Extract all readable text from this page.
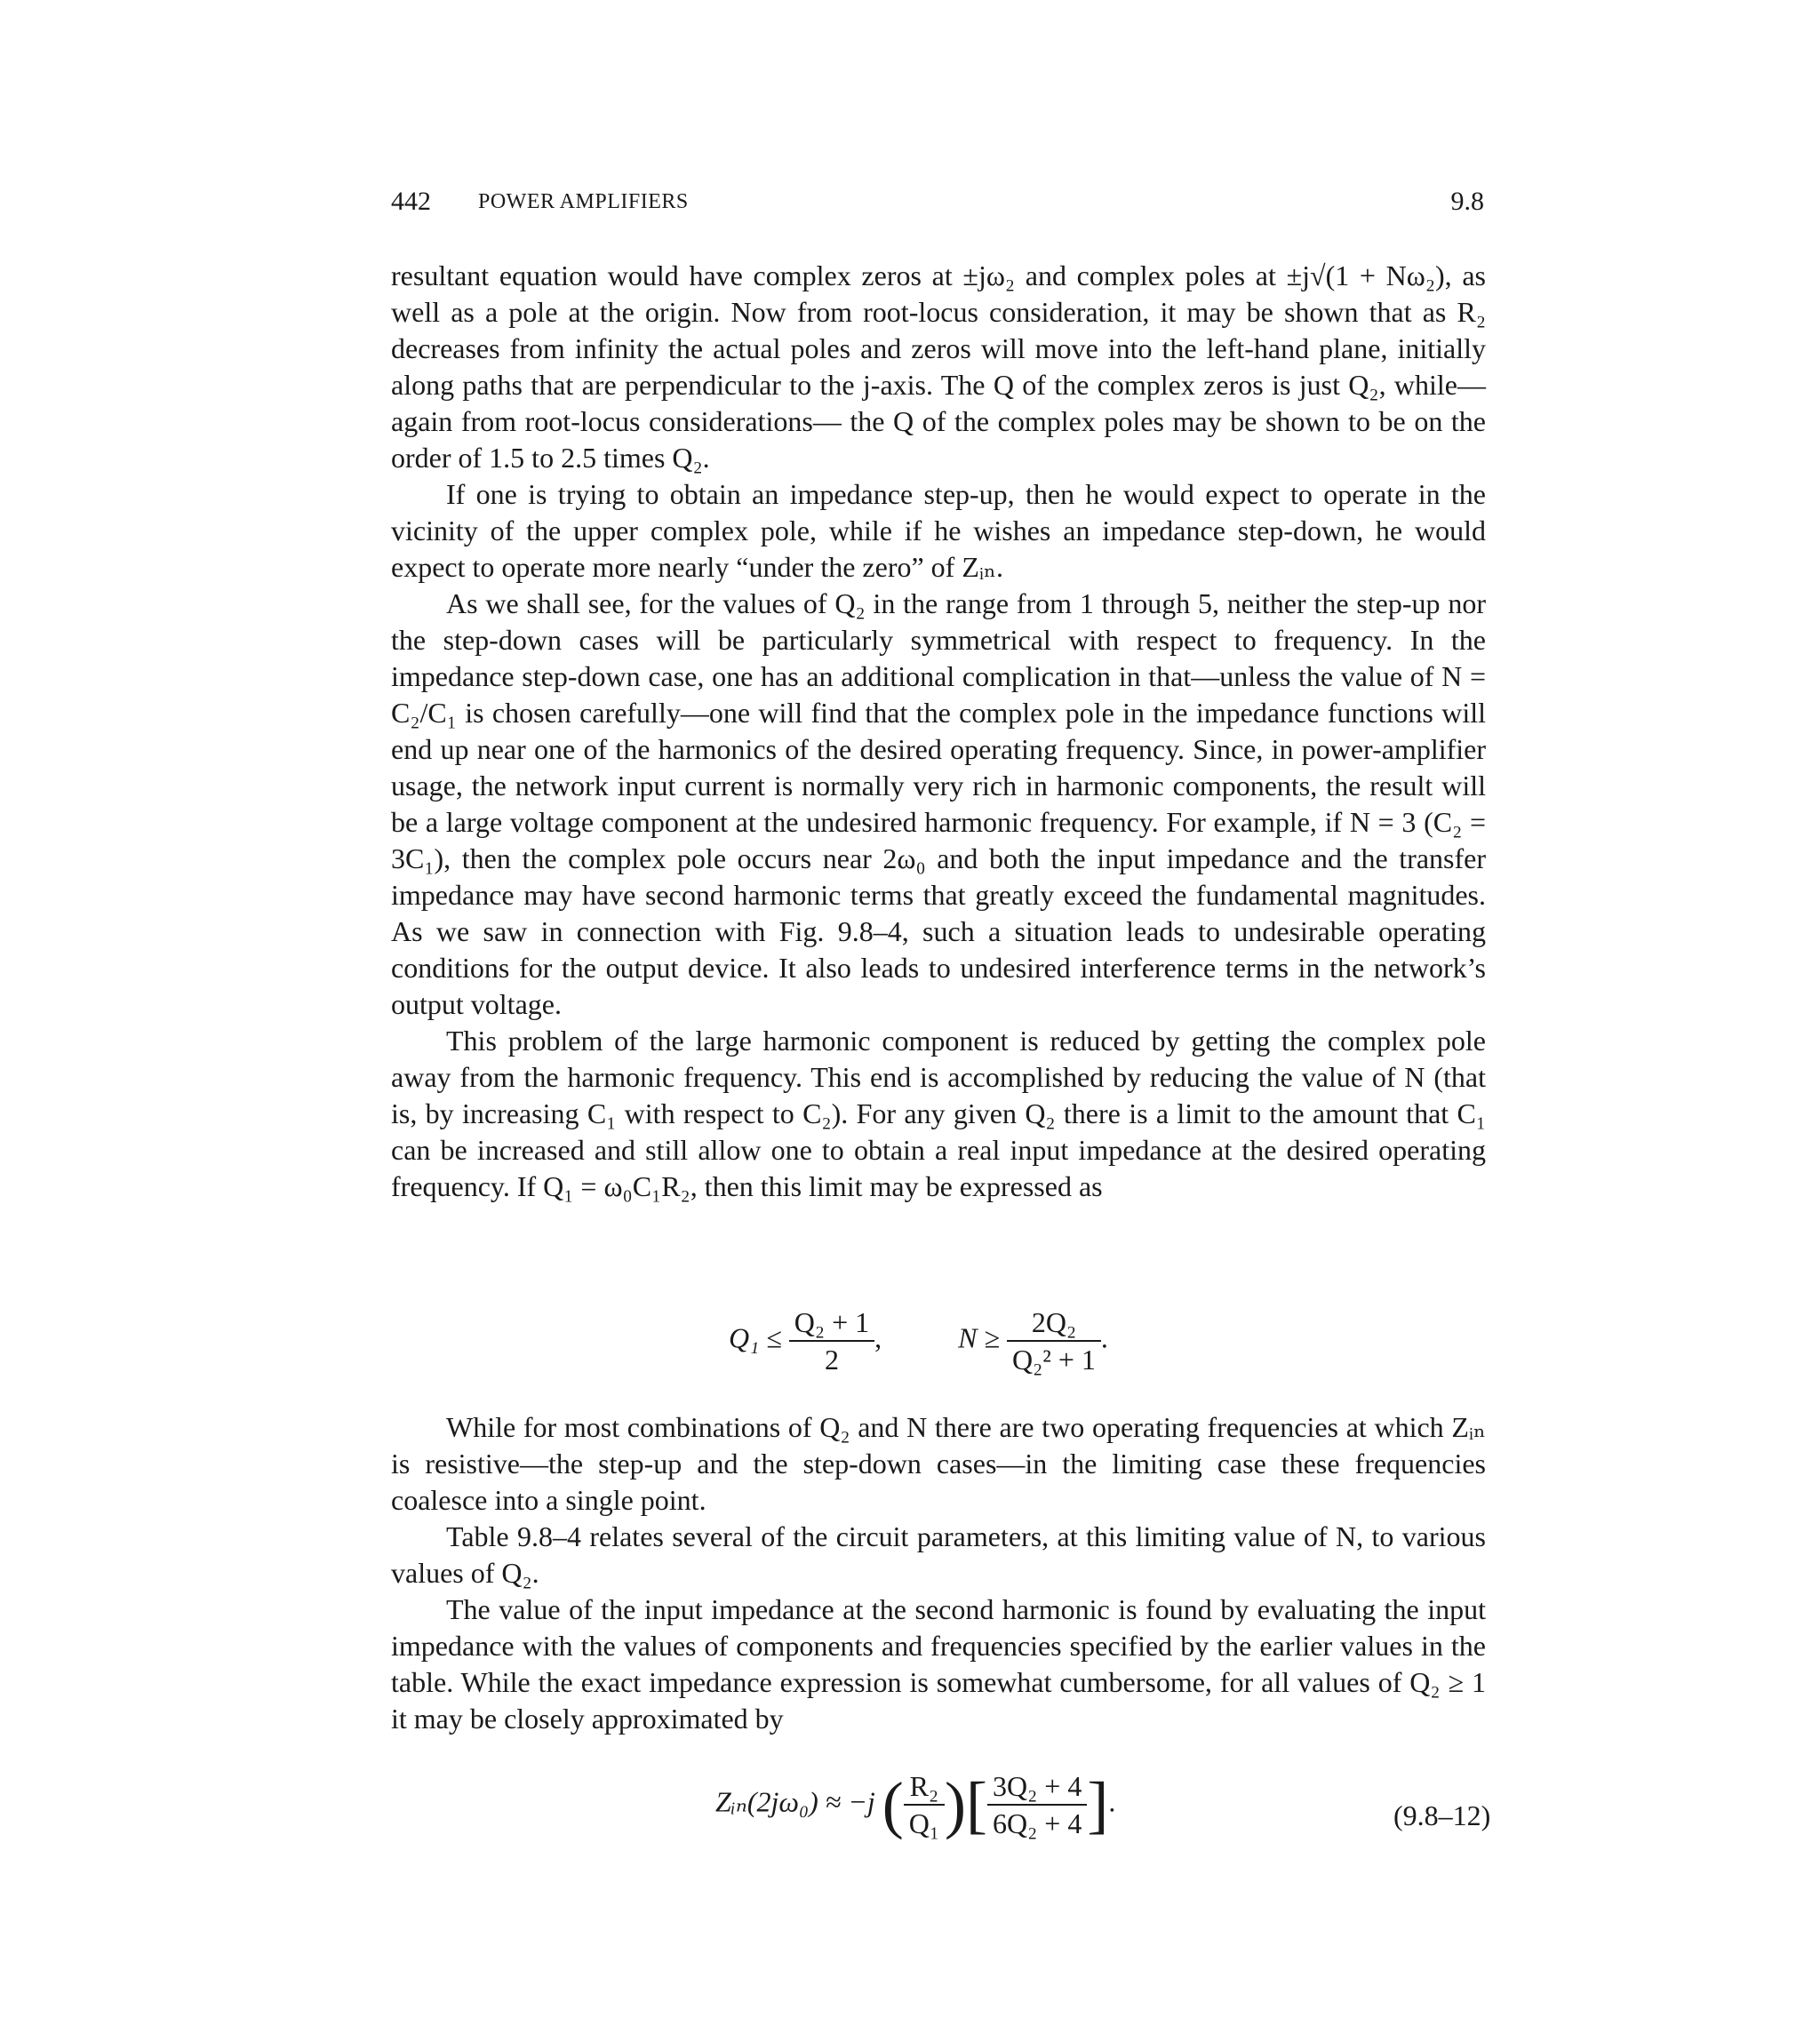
442 POWER AMPLIFIERS	9.8

resultant equation would have complex zeros at ±jω₂ and complex poles at ±j√(1 + Nω₂), as well as a pole at the origin. Now from root-locus consideration, it may be shown that as R₂ decreases from infinity the actual poles and zeros will move into the left-hand plane, initially along paths that are perpendicular to the j-axis. The Q of the complex zeros is just Q₂, while—again from root-locus considerations— the Q of the complex poles may be shown to be on the order of 1.5 to 2.5 times Q₂.

If one is trying to obtain an impedance step-up, then he would expect to operate in the vicinity of the upper complex pole, while if he wishes an impedance step-down, he would expect to operate more nearly “under the zero” of Zᵢₙ.

As we shall see, for the values of Q₂ in the range from 1 through 5, neither the step-up nor the step-down cases will be particularly symmetrical with respect to frequency. In the impedance step-down case, one has an additional complication in that—unless the value of N = C₂/C₁ is chosen carefully—one will find that the complex pole in the impedance functions will end up near one of the harmonics of the desired operating frequency. Since, in power-amplifier usage, the network input current is normally very rich in harmonic components, the result will be a large voltage component at the undesired harmonic frequency. For example, if N = 3 (C₂ = 3C₁), then the complex pole occurs near 2ω₀ and both the input impedance and the transfer impedance may have second harmonic terms that greatly exceed the fundamental magnitudes. As we saw in connection with Fig. 9.8–4, such a situation leads to undesirable operating conditions for the output device. It also leads to undesired interference terms in the network’s output voltage.

This problem of the large harmonic component is reduced by getting the complex pole away from the harmonic frequency. This end is accomplished by reducing the value of N (that is, by increasing C₁ with respect to C₂). For any given Q₂ there is a limit to the amount that C₁ can be increased and still allow one to obtain a real input impedance at the desired operating frequency. If Q₁ = ω₀C₁R₂, then this limit may be expressed as

$Q_1 \le \frac{\text{Q₂ + 1}}{2}$ ,	$N \ge \frac{\text{2Q₂}}{\text{Q₂² + 1}}$ .

While for most combinations of Q₂ and N there are two operating frequencies at which Zᵢₙ is resistive—the step-up and the step-down cases—in the limiting case these frequencies coalesce into a single point.

Table 9.8–4 relates several of the circuit parameters, at this limiting value of N, to various values of Q₂.

The value of the input impedance at the second harmonic is found by evaluating the input impedance with the values of components and frequencies specified by the earlier values in the table. While the exact impedance expression is somewhat cumbersome, for all values of Q₂ ≥ 1 it may be closely approximated by

Zᵢₙ(2jω₀) ≈ −j ( $\frac{\text{R₂}}{\text{Q₁}}$ )[ $\frac{\text{3Q₂ + 4}}{\text{6Q₂ + 4}}$ ].	(9.8–12)
